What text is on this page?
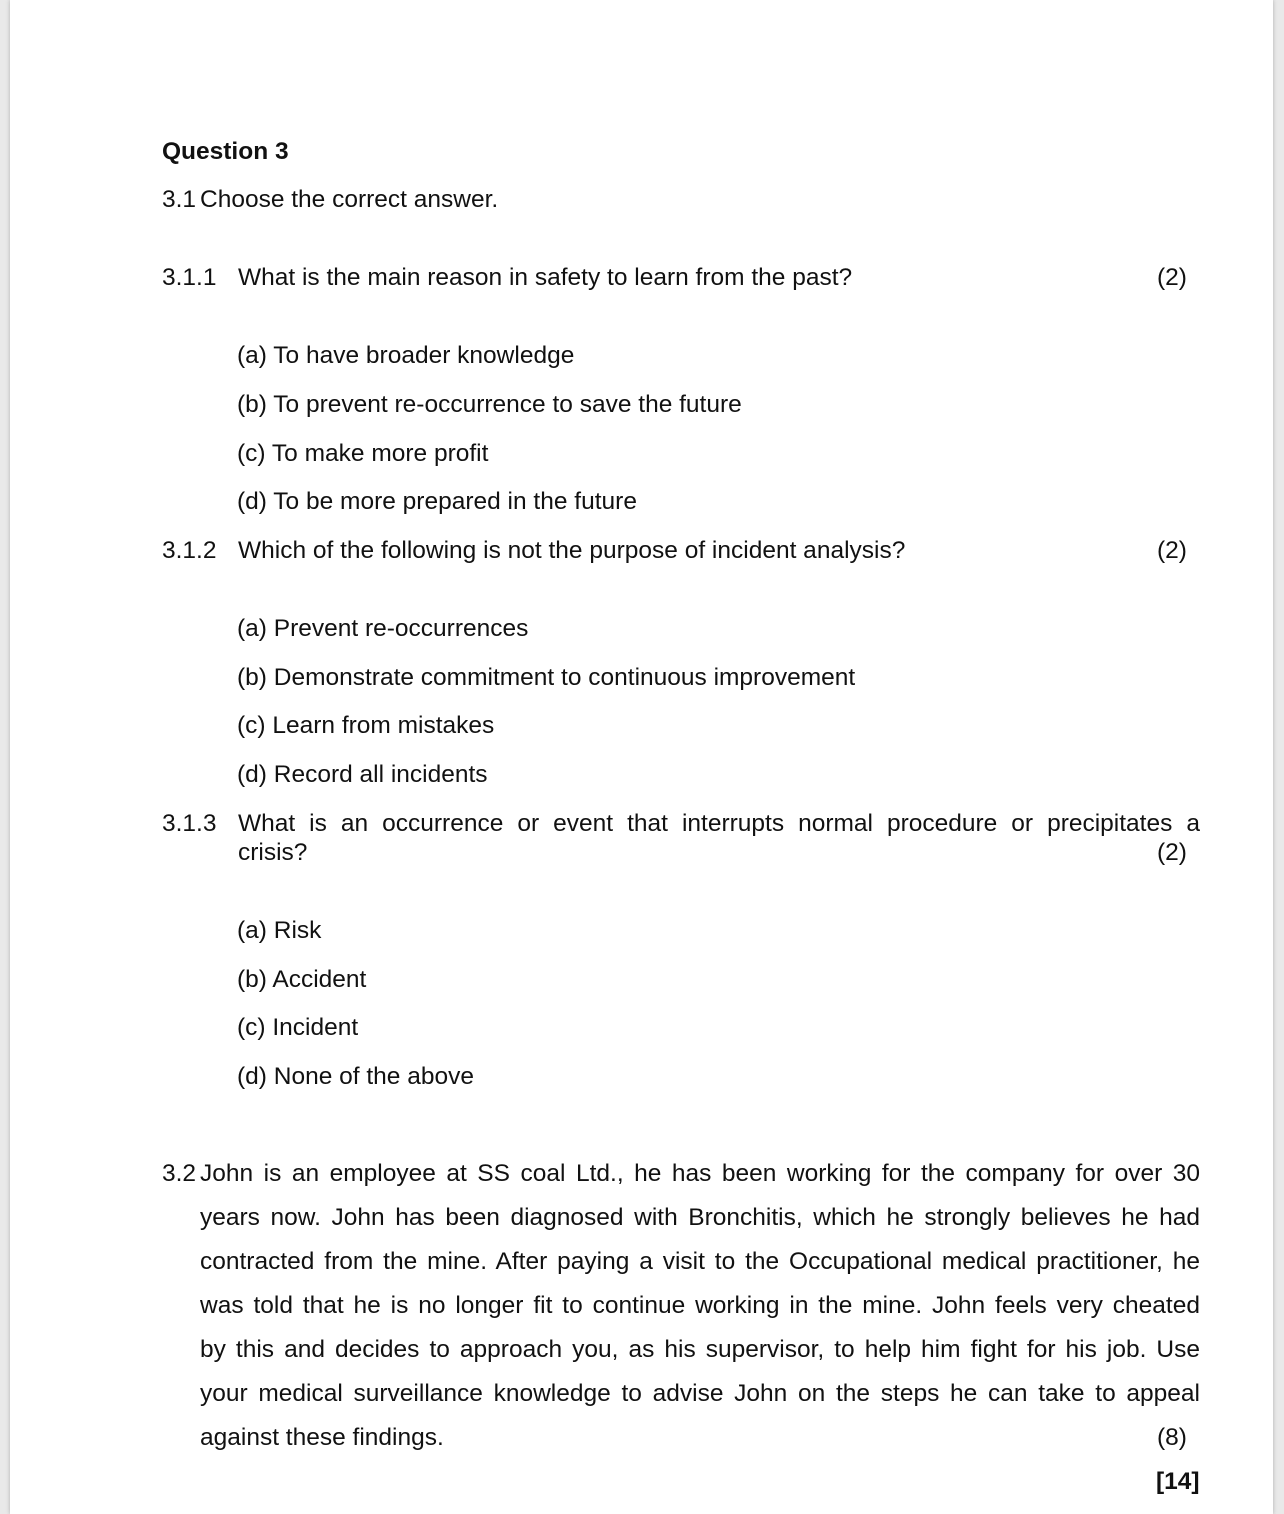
Question 3
3.1 Choose the correct answer.
3.1.1 What is the main reason in safety to learn from the past?	(2)
(a) To have broader knowledge
(b) To prevent re-occurrence to save the future
(c) To make more profit
(d) To be more prepared in the future
3.1.2 Which of the following is not the purpose of incident analysis?	(2)
(a) Prevent re-occurrences
(b) Demonstrate commitment to continuous improvement
(c) Learn from mistakes
(d) Record all incidents
3.1.3 What is an occurrence or event that interrupts normal procedure or precipitates a
crisis?	(2)
(a) Risk
(b) Accident
(c) Incident
(d) None of the above
3.2 John is an employee at SS coal Ltd., he has been working for the company for over 30
years now. John has been diagnosed with Bronchitis, which he strongly believes he had
contracted from the mine. After paying a visit to the Occupational medical practitioner, he
was told that he is no longer fit to continue working in the mine. John feels very cheated
by this and decides to approach you, as his supervisor, to help him fight for his job. Use
your medical surveillance knowledge to advise John on the steps he can take to appeal
against these findings.	(8)
[14]
